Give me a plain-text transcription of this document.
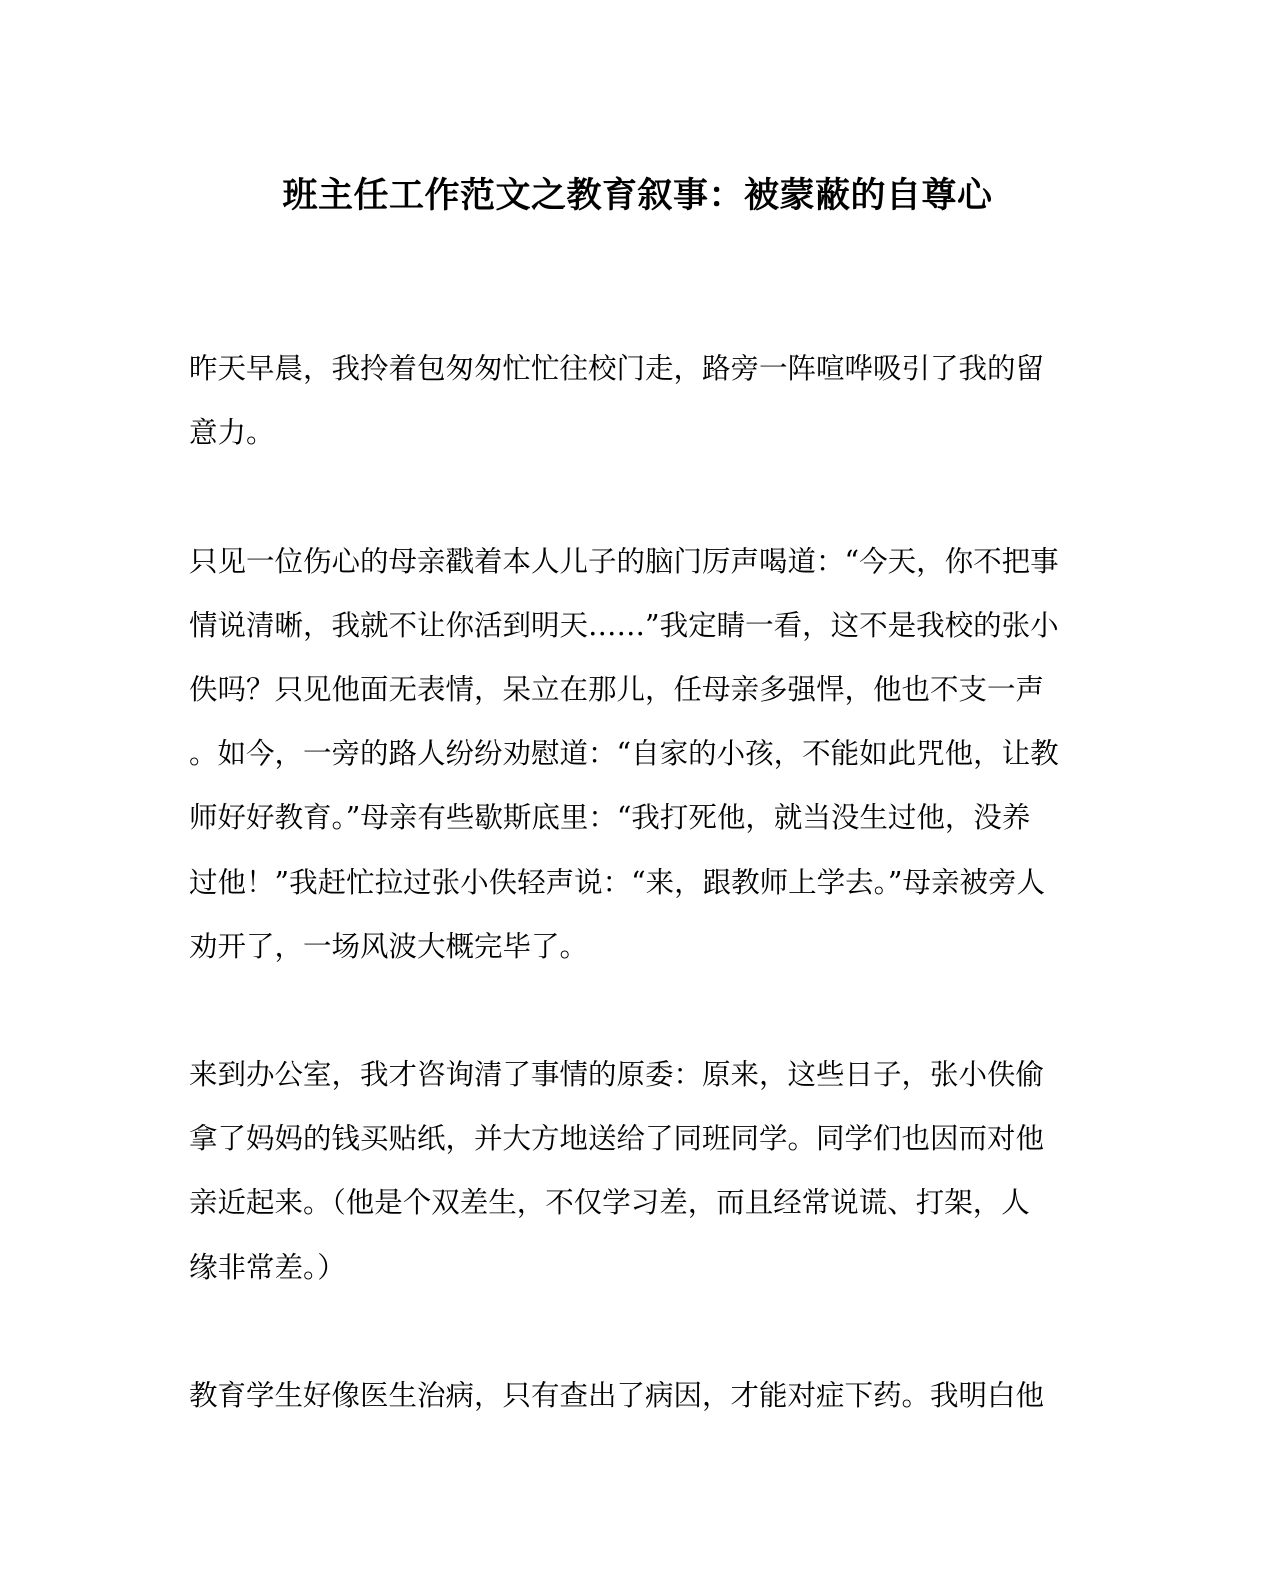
班主任工作范文之教育叙事：被蒙蔽的自尊心
昨天早晨，我拎着包匆匆忙忙往校门走，路旁一阵喧哗吸引了我的留
意力。
只见一位伤心的母亲戳着本人儿子的脑门厉声喝道：“今天，你不把事
情说清晰，我就不让你活到明天……”我定睛一看，这不是我校的张小
佚吗？只见他面无表情，呆立在那儿，任母亲多强悍，他也不支一声
。如今，一旁的路人纷纷劝慰道：“自家的小孩，不能如此咒他，让教
师好好教育。”母亲有些歇斯底里：“我打死他，就当没生过他，没养
过他！”我赶忙拉过张小佚轻声说：“来，跟教师上学去。”母亲被旁人
劝开了，一场风波大概完毕了。
来到办公室，我才咨询清了事情的原委：原来，这些日子，张小佚偷
拿了妈妈的钱买贴纸，并大方地送给了同班同学。同学们也因而对他
亲近起来。（他是个双差生，不仅学习差，而且经常说谎、打架，人
缘非常差。）
教育学生好像医生治病，只有查出了病因，才能对症下药。我明白他
